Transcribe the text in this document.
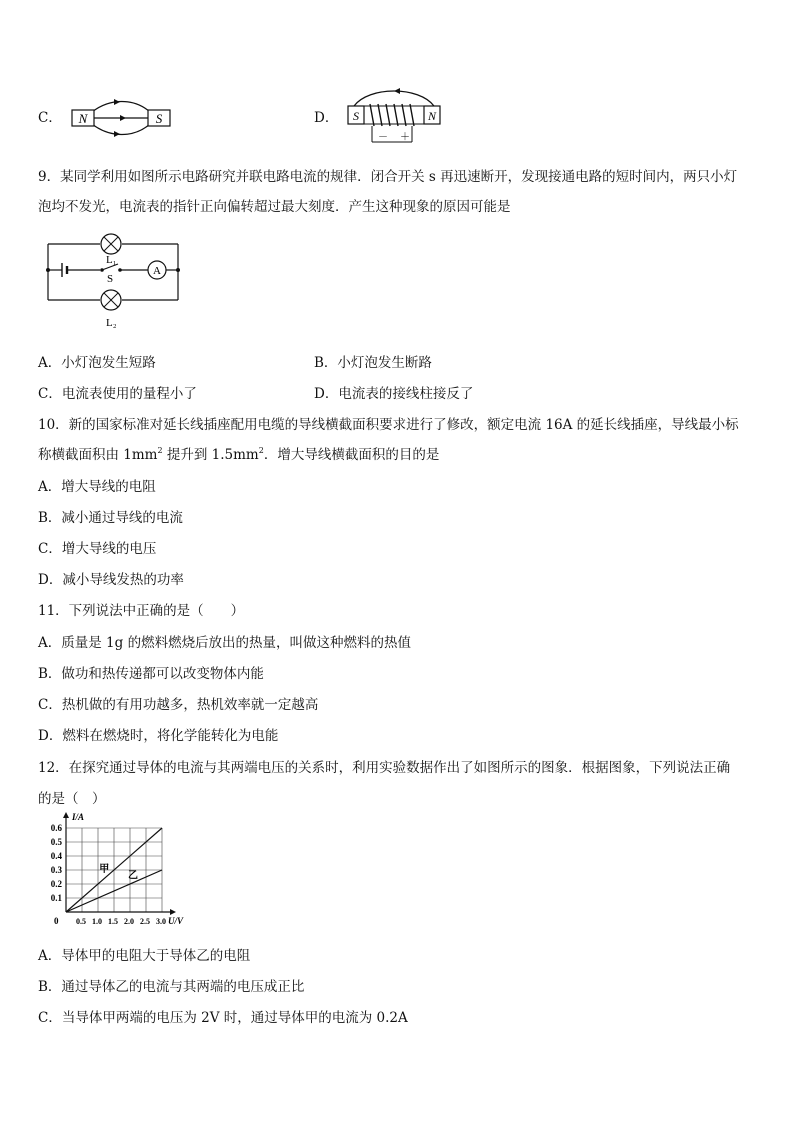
C． N	S	D． S	N
－ ＋
9．某同学利用如图所示电路研究并联电路电流的规律．闭合开关 s 再迅速断开，发现接通电路的短时间内，两只小灯
泡均不发光，电流表的指针正向偏转超过最大刻度．产生这种现象的原因可能是
A
L₁
S
L₂
A．小灯泡发生短路	B．小灯泡发生断路
C．电流表使用的量程小了	D．电流表的接线柱接反了
10．新的国家标准对延长线插座配用电缆的导线横截面积要求进行了修改，额定电流 16A 的延长线插座，导线最小标
称横截面积由 $1mm^2$ 提升到 $1.5mm^2$．增大导线横截面积的目的是
A．增大导线的电阻
B．减小通过导线的电流
C．增大导线的电压
D．减小导线发热的功率
11．下列说法中正确的是（　　）
A．质量是 1g 的燃料燃烧后放出的热量，叫做这种燃料的热值
B．做功和热传递都可以改变物体内能
C．热机做的有用功越多，热机效率就一定越高
D．燃料在燃烧时，将化学能转化为电能
12．在探究通过导体的电流与其两端电压的关系时，利用实验数据作出了如图所示的图象．根据图象，下列说法正确
的是（　）
0.1
0.2
0.3
0.4
0.5
0.6
0.5 1.0 1.5 2.0 2.5 3.0
0
I/A
U/V
甲
乙
A．导体甲的电阻大于导体乙的电阻
B．通过导体乙的电流与其两端的电压成正比
C．当导体甲两端的电压为 2V 时，通过导体甲的电流为 0.2A
